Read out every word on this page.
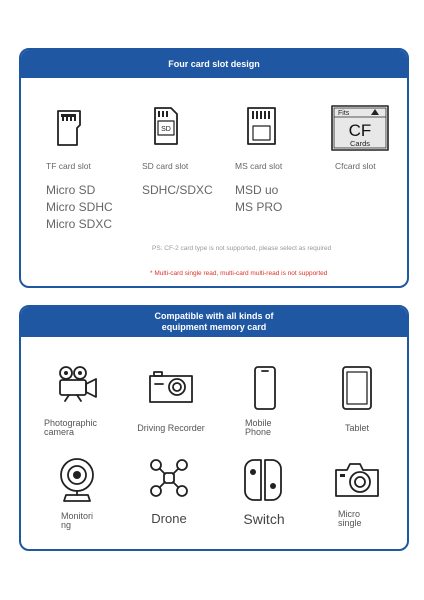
Four card slot design
TF card slot
Micro SD
Micro SDHC
Micro SDXC
SD
SD card slot
SDHC/SDXC
MS card slot
MSD uo
MS PRO
Fits
CF
Cards
Cfcard slot
PS: CF-2 card type is not supported, please select as required
* Multi-card single read, multi-card multi-read is not supported
Compatible with all kinds of
equipment memory card
Photographic
camera	Driving Recorder	Mobile
Phone	Tablet
Monitori
ng	Drone	Switch	Micro
single
